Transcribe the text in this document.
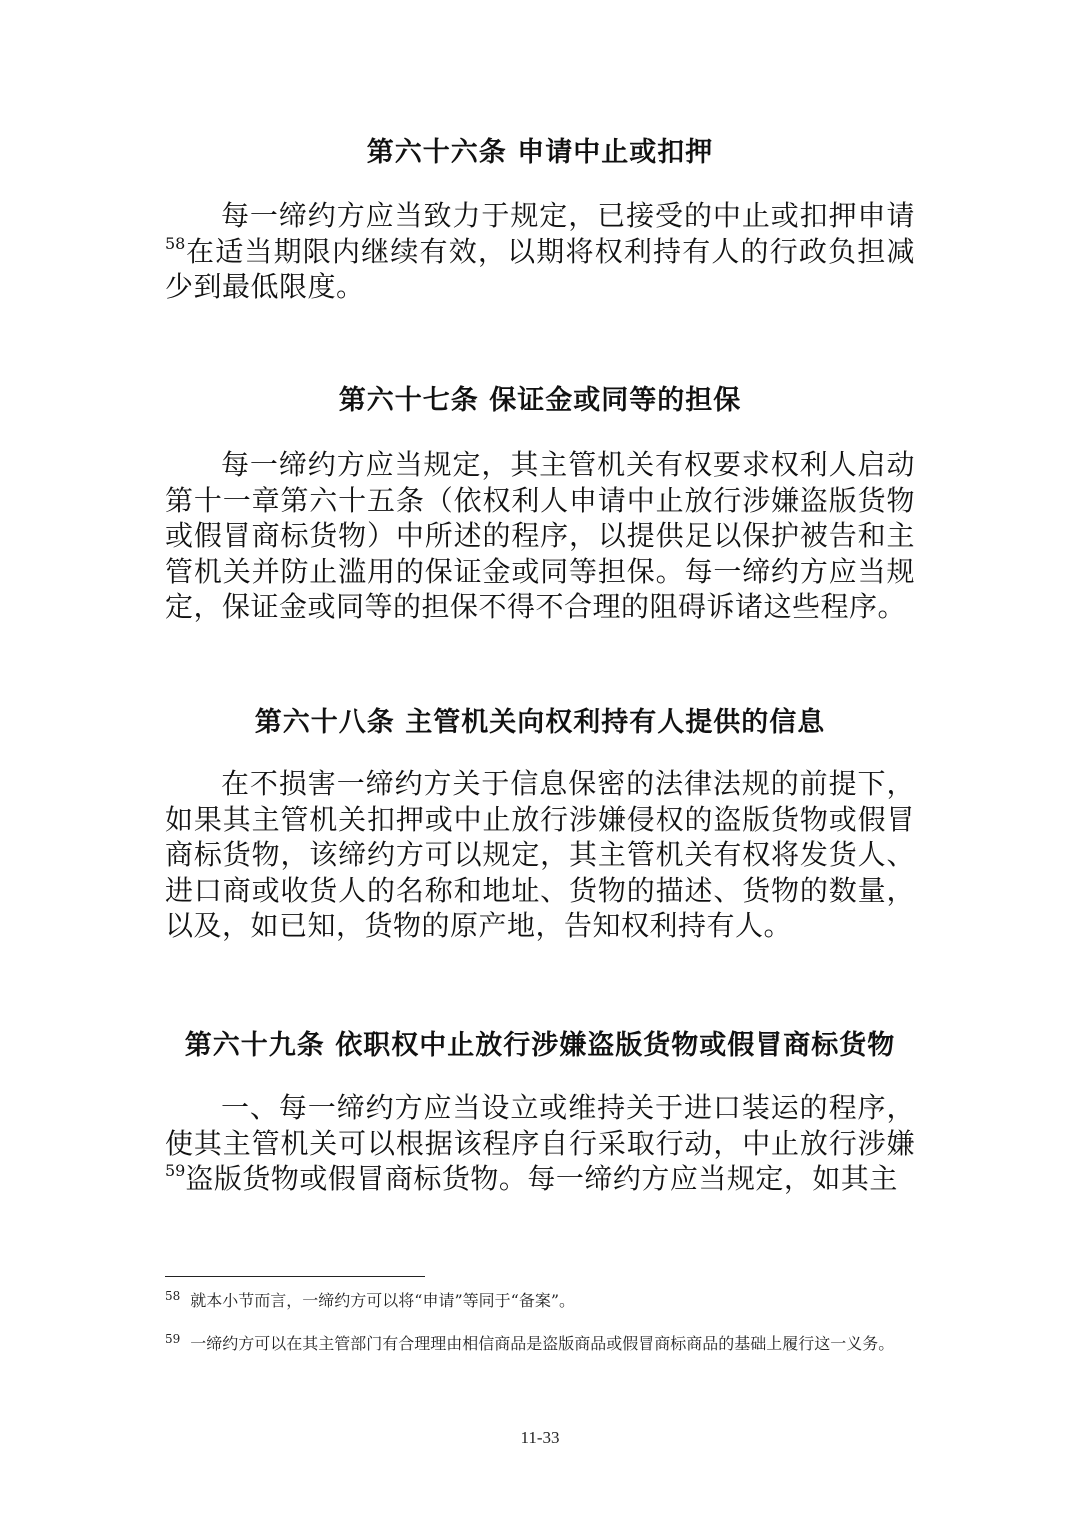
第六十六条 申请中止或扣押

每一缔约方应当致力于规定，已接受的中止或扣押申请$^{58}$在适当期限内继续有效，以期将权利持有人的行政负担减少到最低限度。

第六十七条 保证金或同等的担保

每一缔约方应当规定，其主管机关有权要求权利人启动第十一章第六十五条（依权利人申请中止放行涉嫌盗版货物或假冒商标货物）中所述的程序，以提供足以保护被告和主管机关并防止滥用的保证金或同等担保。每一缔约方应当规定，保证金或同等的担保不得不合理的阻碍诉诸这些程序。

第六十八条 主管机关向权利持有人提供的信息

在不损害一缔约方关于信息保密的法律法规的前提下，如果其主管机关扣押或中止放行涉嫌侵权的盗版货物或假冒商标货物，该缔约方可以规定，其主管机关有权将发货人、进口商或收货人的名称和地址、货物的描述、货物的数量，以及，如已知，货物的原产地，告知权利持有人。

第六十九条 依职权中止放行涉嫌盗版货物或假冒商标货物

一、每一缔约方应当设立或维持关于进口装运的程序，使其主管机关可以根据该程序自行采取行动，中止放行涉嫌$^{59}$盗版货物或假冒商标货物。每一缔约方应当规定，如其主

$^{58}$ 就本小节而言，一缔约方可以将“申请”等同于“备案”。
$^{59}$ 一缔约方可以在其主管部门有合理理由相信商品是盗版商品或假冒商标商品的基础上履行这一义务。
11-33
